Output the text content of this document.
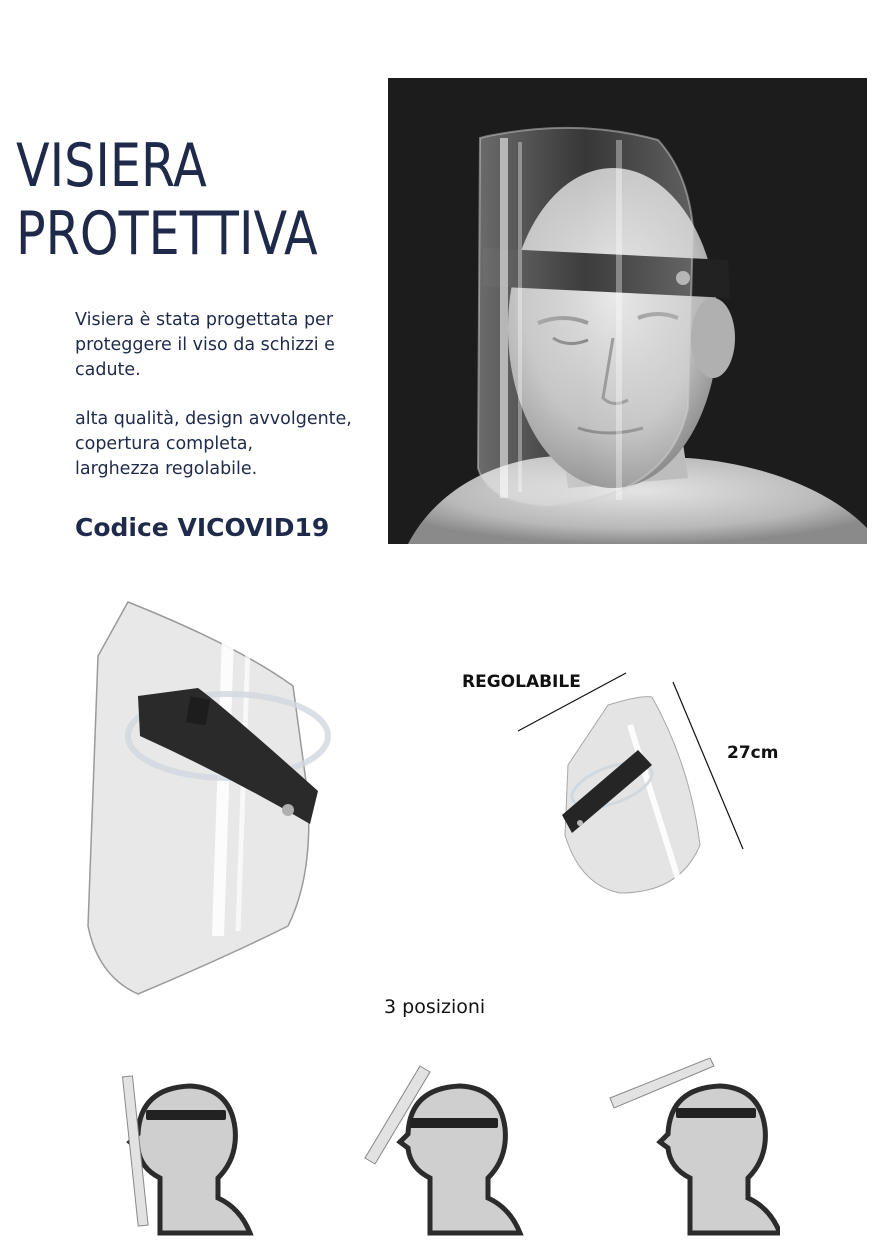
VISIERA
PROTETTIVA

Visiera è stata progettata per proteggere il viso da schizzi e cadute.

alta qualità, design avvolgente,
copertura completa,
larghezza regolabile.

Codice VICOVID19
REGOLABILE
27cm
3 posizioni
